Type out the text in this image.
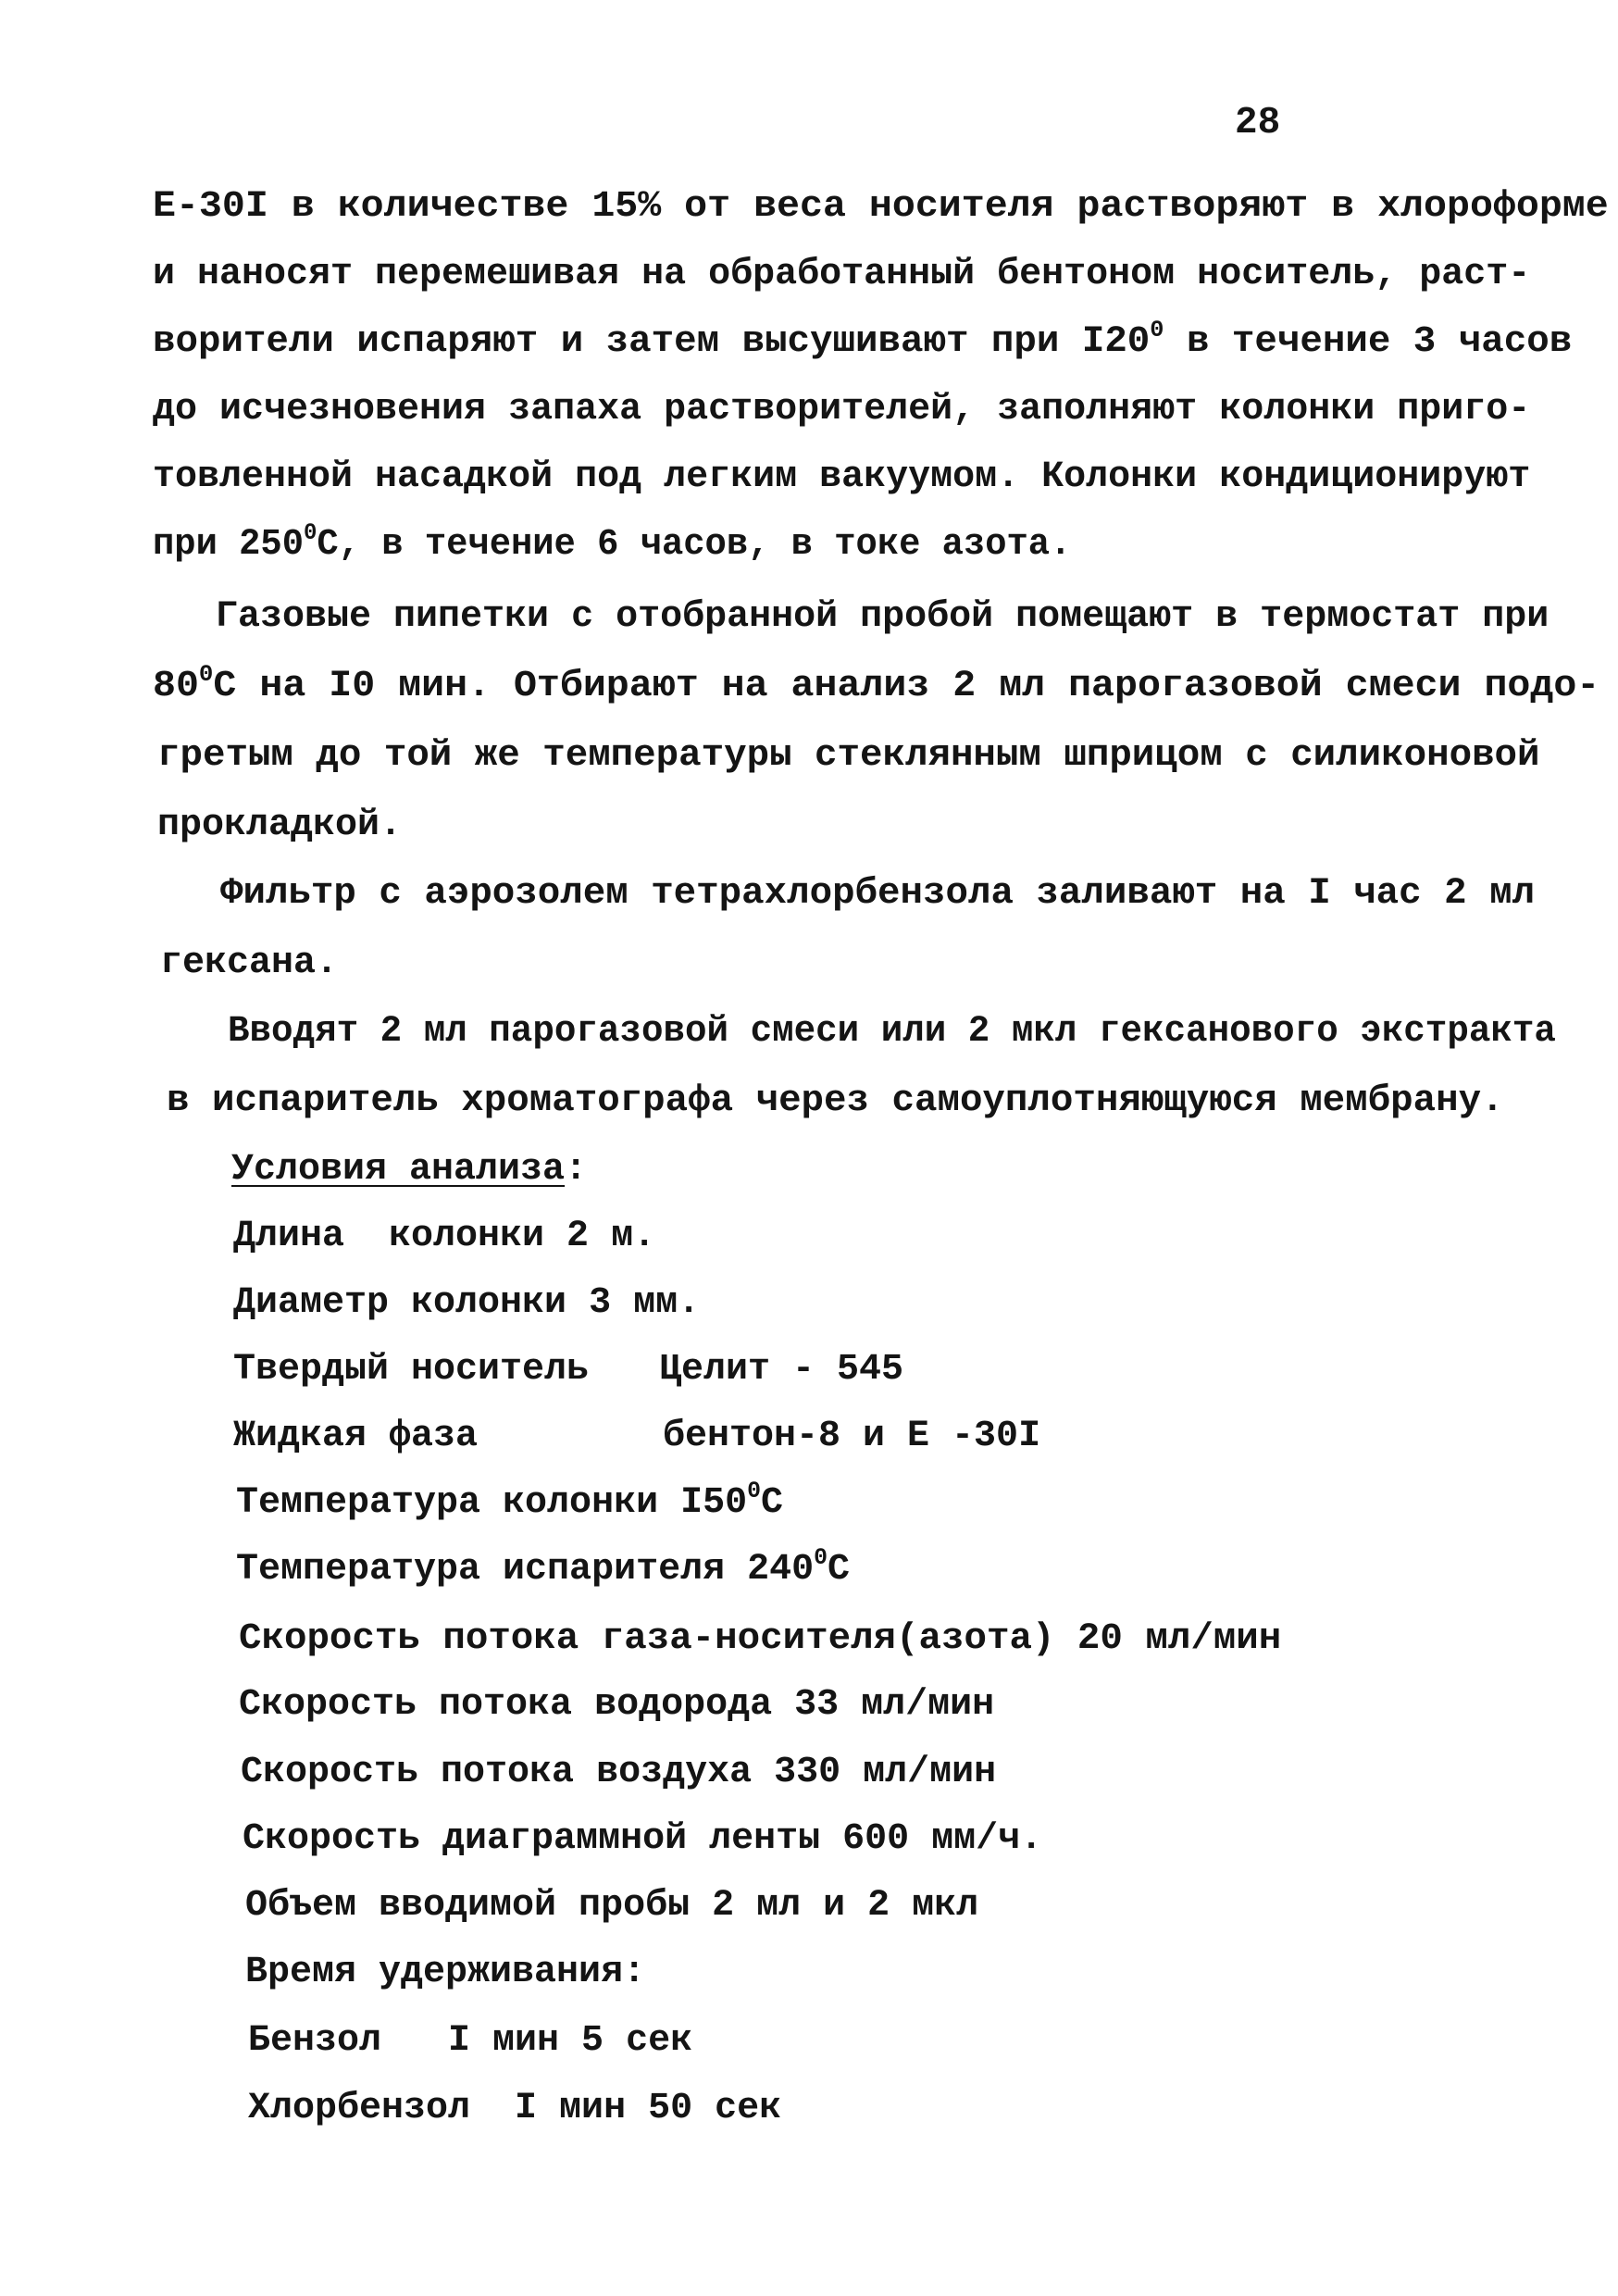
28

Е-30I в количестве 15% от веса носителя растворяют в хлороформе

и наносят перемешивая на обработанный бентоном носитель, раст-

ворители испаряют и затем высушивают при $I20^0$ в течение 3 часов

до исчезновения запаха растворителей, заполняют колонки приго-

товленной насадкой под легким вакуумом. Колонки кондиционируют

при $250^0С$, в течение 6 часов, в токе азота.

Газовые пипетки с отобранной пробой помещают в термостат при

$80^0С$ на I0 мин. Отбирают на анализ 2 мл парогазовой смеси подо-

гретым до той же температуры стеклянным шприцом с силиконовой

прокладкой.

Фильтр с аэрозолем тетрахлорбензола заливают на I час 2 мл

гексана.

Вводят 2 мл парогазовой смеси или 2 мкл гексанового экстракта

в испаритель хроматографа через самоуплотняющуюся мембрану.

Условия анализа:

Длина  колонки 2 м.

Диаметр колонки 3 мм.

Твердый носитель Целит - 545

Жидкая фаза	бентон-8 и Е -30I

Температура колонки $I50^0С$

Температура испарителя $240^0С$

Скорость потока газа-носителя(азота) 20 мл/мин

Скорость потока водорода 33 мл/мин

Скорость потока воздуха 330 мл/мин

Скорость диаграммной ленты 600 мм/ч.

Объем вводимой пробы 2 мл и 2 мкл

Время удерживания:

Бензол   I мин 5 сек

Хлорбензол  I мин 50 сек
